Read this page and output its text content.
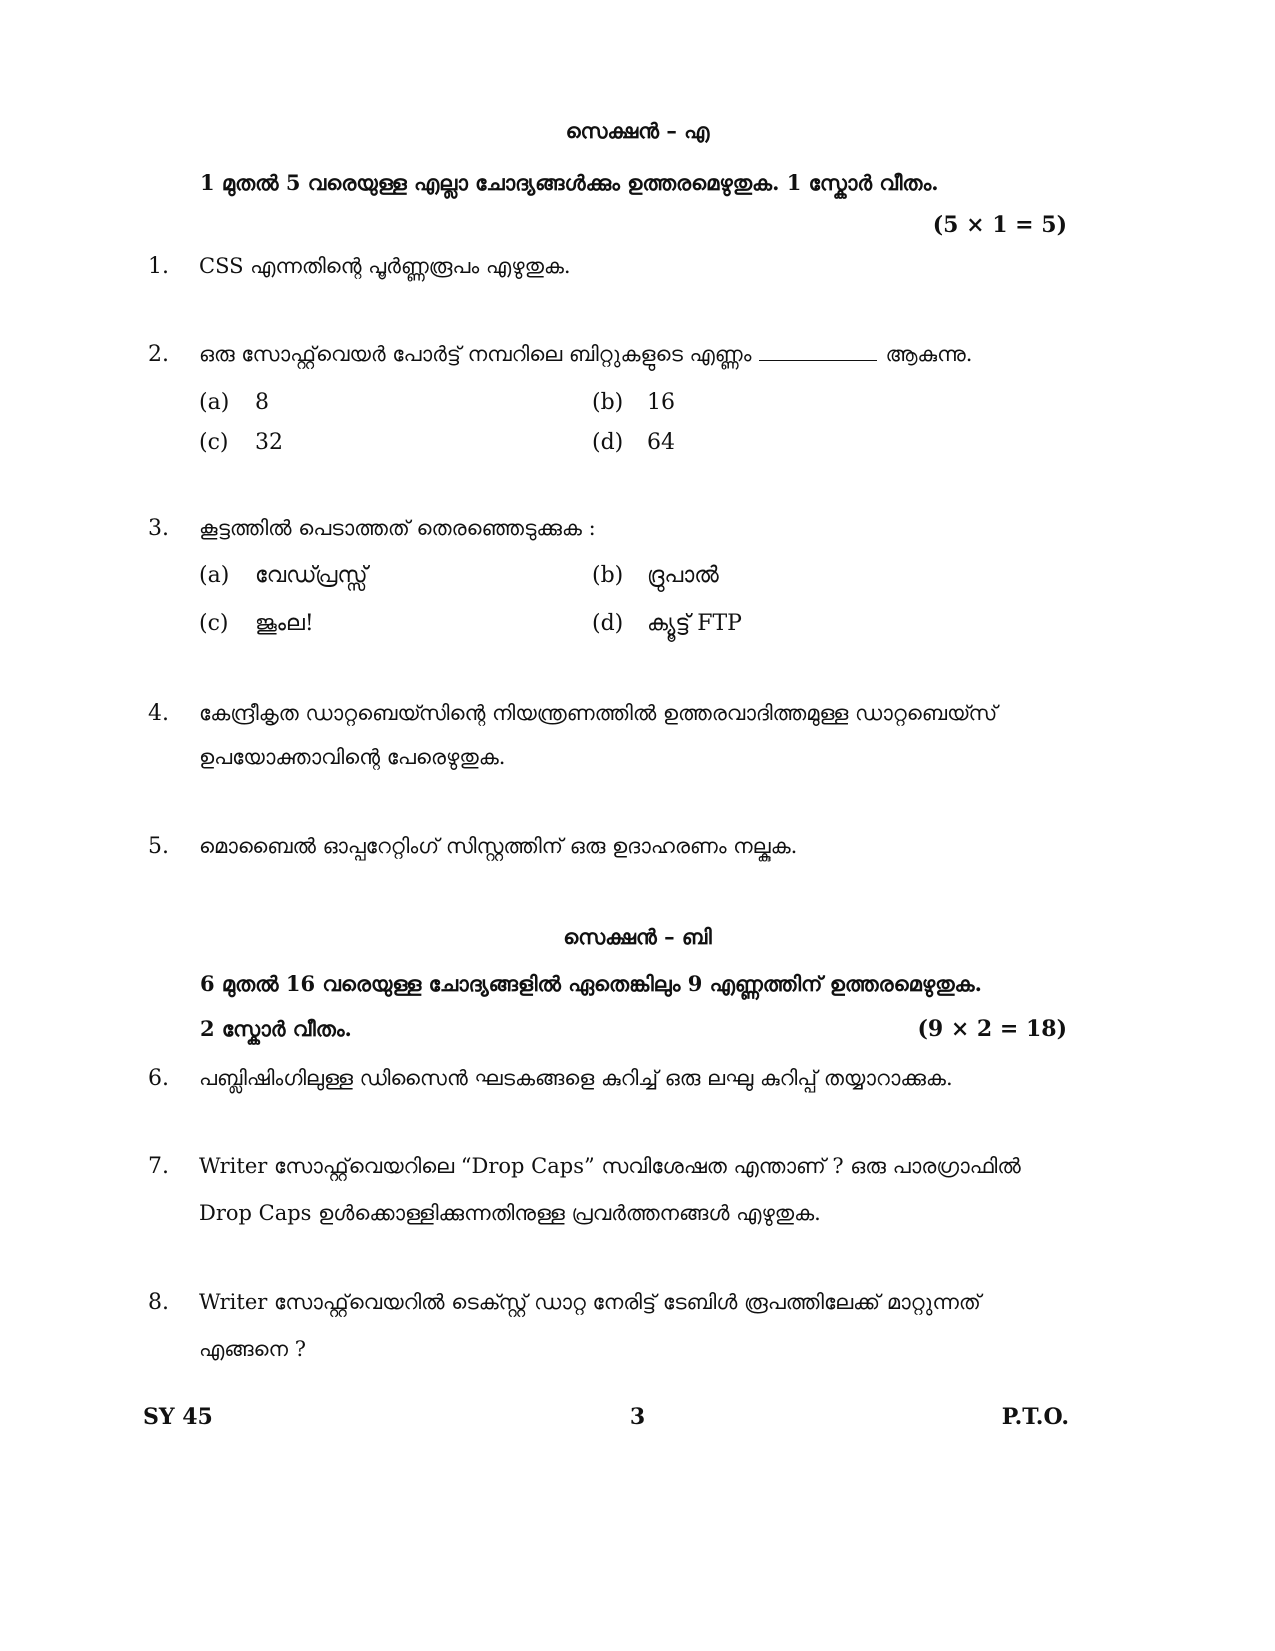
സെക്ഷൻ – എ
1 മുതൽ 5 വരെയുള്ള എല്ലാ ചോദ്യങ്ങൾക്കും ഉത്തരമെഴുതുക. 1 സ്കോർ വീതം.
(5 × 1 = 5)
1. CSS എന്നതിന്റെ പൂർണ്ണരൂപം എഴുതുക.
2. ഒരു സോഫ്റ്റ്‌വെയർ പോർട്ട് നമ്പറിലെ ബിറ്റുകളുടെ എണ്ണം	ആകുന്നു.
(a) 8	(b) 16
(c) 32	(d) 64
3. കൂട്ടത്തിൽ പെടാത്തത് തെരഞ്ഞെടുക്കുക :
(a) വേഡ്പ്രസ്സ്	(b) ദ്രുപാൽ
(c) ജൂംല!	(d) ക്യൂട്ട് FTP
4. കേന്ദ്രീകൃത ഡാറ്റബെയ്സിന്റെ നിയന്ത്രണത്തിൽ ഉത്തരവാദിത്തമുള്ള ഡാറ്റബെയ്സ്
ഉപയോക്താവിന്റെ പേരെഴുതുക.
5. മൊബൈൽ ഓപ്പറേറ്റിംഗ് സിസ്റ്റത്തിന് ഒരു ഉദാഹരണം നല്കുക.
സെക്ഷൻ – ബി
6 മുതൽ 16 വരെയുള്ള ചോദ്യങ്ങളിൽ ഏതെങ്കിലും 9 എണ്ണത്തിന് ഉത്തരമെഴുതുക.
2 സ്കോർ വീതം.	(9 × 2 = 18)
6. പബ്ലിഷിംഗിലുള്ള ഡിസൈൻ ഘടകങ്ങളെ കുറിച്ച് ഒരു ലഘു കുറിപ്പ് തയ്യാറാക്കുക.
7. Writer സോഫ്റ്റ്‌വെയറിലെ “Drop Caps” സവിശേഷത എന്താണ് ? ഒരു പാരഗ്രാഫിൽ
Drop Caps ഉൾക്കൊള്ളിക്കുന്നതിനുള്ള പ്രവർത്തനങ്ങൾ എഴുതുക.
8. Writer സോഫ്റ്റ്‌വെയറിൽ ടെക്സ്റ്റ് ഡാറ്റ നേരിട്ട് ടേബിൾ രൂപത്തിലേക്ക് മാറ്റുന്നത്
എങ്ങനെ ?
SY 45	3	P.T.O.
